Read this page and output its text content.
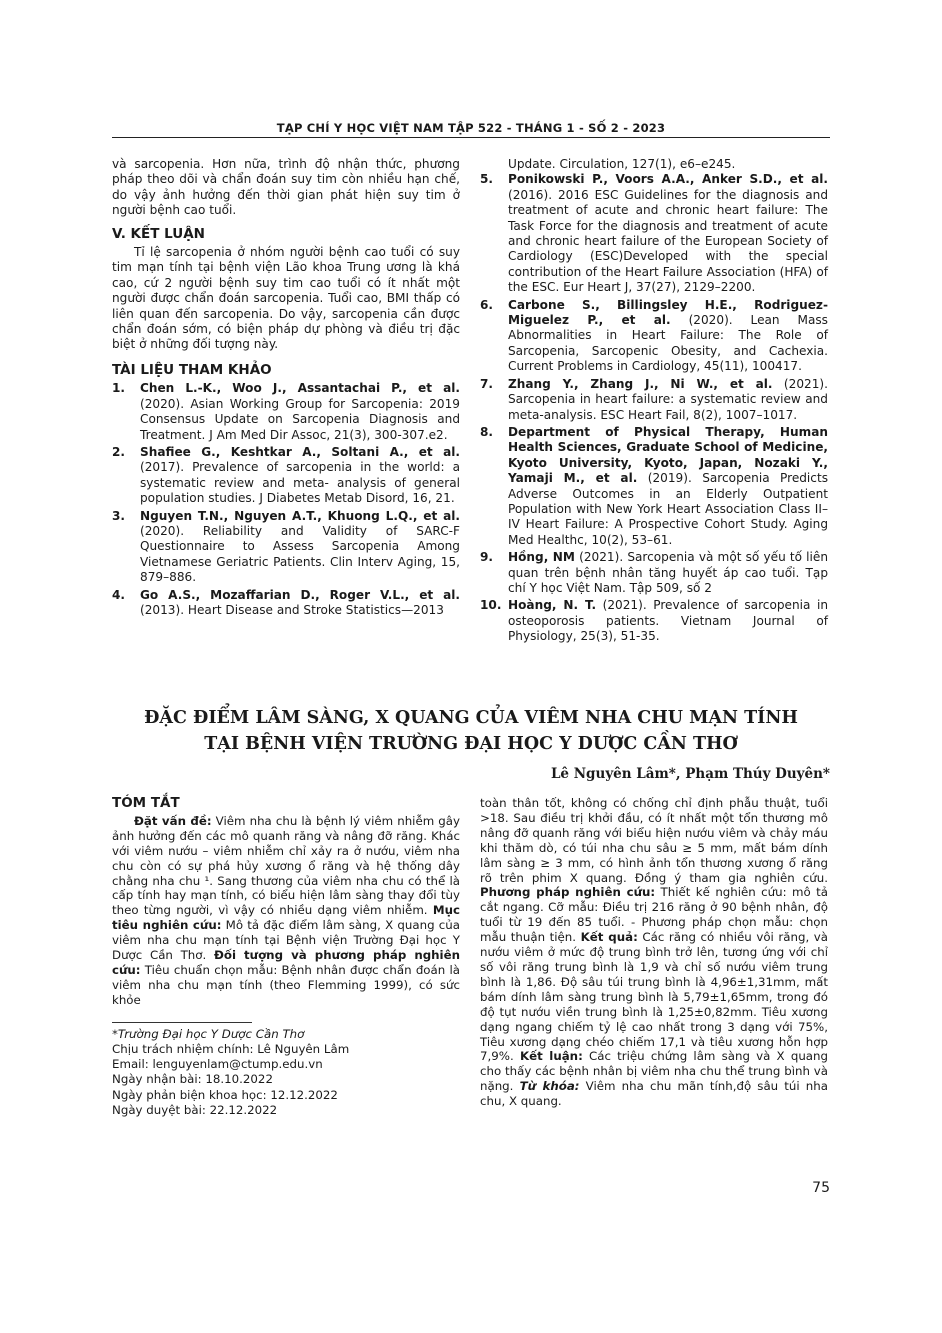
TẠP CHÍ Y HỌC VIỆT NAM TẬP 522 - THÁNG 1 - SỐ 2 - 2023

và sarcopenia. Hơn nữa, trình độ nhận thức, phương pháp theo dõi và chẩn đoán suy tim còn nhiều hạn chế, do vậy ảnh hưởng đến thời gian phát hiện suy tim ở người bệnh cao tuổi.

V. KẾT LUẬN

Tỉ lệ sarcopenia ở nhóm người bệnh cao tuổi có suy tim mạn tính tại bệnh viện Lão khoa Trung ương là khá cao, cứ 2 người bệnh suy tim cao tuổi có ít nhất một người được chẩn đoán sarcopenia. Tuổi cao, BMI thấp có liên quan đến sarcopenia. Do vậy, sarcopenia cần được chẩn đoán sớm, có biện pháp dự phòng và điều trị đặc biệt ở những đối tượng này.

TÀI LIỆU THAM KHẢO
1.	Chen L.-K., Woo J., Assantachai P., et al. (2020). Asian Working Group for Sarcopenia: 2019 Consensus Update on Sarcopenia Diagnosis and Treatment. J Am Med Dir Assoc, 21(3), 300-307.e2.
2.	Shafiee G., Keshtkar A., Soltani A., et al. (2017). Prevalence of sarcopenia in the world: a systematic review and meta- analysis of general population studies. J Diabetes Metab Disord, 16, 21.
3.	Nguyen T.N., Nguyen A.T., Khuong L.Q., et al. (2020). Reliability and Validity of SARC-F Questionnaire to Assess Sarcopenia Among Vietnamese Geriatric Patients. Clin Interv Aging, 15, 879–886.
4.	Go A.S., Mozaffarian D., Roger V.L., et al. (2013). Heart Disease and Stroke Statistics—2013
Update. Circulation, 127(1), e6–e245.
5.	Ponikowski P., Voors A.A., Anker S.D., et al. (2016). 2016 ESC Guidelines for the diagnosis and treatment of acute and chronic heart failure: The Task Force for the diagnosis and treatment of acute and chronic heart failure of the European Society of Cardiology (ESC)Developed with the special contribution of the Heart Failure Association (HFA) of the ESC. Eur Heart J, 37(27), 2129–2200.
6.	Carbone S., Billingsley H.E., Rodriguez-Miguelez P., et al. (2020). Lean Mass Abnormalities in Heart Failure: The Role of Sarcopenia, Sarcopenic Obesity, and Cachexia. Current Problems in Cardiology, 45(11), 100417.
7.	Zhang Y., Zhang J., Ni W., et al. (2021). Sarcopenia in heart failure: a systematic review and meta-analysis. ESC Heart Fail, 8(2), 1007–1017.
8.	Department of Physical Therapy, Human Health Sciences, Graduate School of Medicine, Kyoto University, Kyoto, Japan, Nozaki Y., Yamaji M., et al. (2019). Sarcopenia Predicts Adverse Outcomes in an Elderly Outpatient Population with New York Heart Association Class II–IV Heart Failure: A Prospective Cohort Study. Aging Med Healthc, 10(2), 53–61.
9.	Hồng, NM (2021). Sarcopenia và một số yếu tố liên quan trên bệnh nhân tăng huyết áp cao tuổi. Tạp chí Y học Việt Nam. Tập 509, số 2
10. Hoàng, N. T. (2021). Prevalence of sarcopenia in osteoporosis patients. Vietnam Journal of Physiology, 25(3), 51-35.
ĐẶC ĐIỂM LÂM SÀNG, X QUANG CỦA VIÊM NHA CHU MẠN TÍNH
TẠI BỆNH VIỆN TRƯỜNG ĐẠI HỌC Y DƯỢC CẦN THƠ
Lê Nguyên Lâm*, Phạm Thúy Duyên*
TÓM TẮT

Đặt vấn đề: Viêm nha chu là bệnh lý viêm nhiễm gây ảnh hưởng đến các mô quanh răng và nâng đỡ răng. Khác với viêm nướu – viêm nhiễm chỉ xảy ra ở nướu, viêm nha chu còn có sự phá hủy xương ổ răng và hệ thống dây chằng nha chu ¹. Sang thương của viêm nha chu có thể là cấp tính hay mạn tính, có biểu hiện lâm sàng thay đổi tùy theo từng người, vì vậy có nhiều dạng viêm nhiễm. Mục tiêu nghiên cứu: Mô tả đặc điểm lâm sàng, X quang của viêm nha chu mạn tính tại Bệnh viện Trường Đại học Y Dược Cần Thơ. Đối tượng và phương pháp nghiên cứu: Tiêu chuẩn chọn mẫu: Bệnh nhân được chẩn đoán là viêm nha chu mạn tính (theo Flemming 1999), có sức khỏe

*Trường Đại học Y Dược Cần Thơ
Chịu trách nhiệm chính: Lê Nguyên Lâm
Email: lenguyenlam@ctump.edu.vn
Ngày nhận bài: 18.10.2022
Ngày phản biện khoa học: 12.12.2022
Ngày duyệt bài: 22.12.2022

toàn thân tốt, không có chống chỉ định phẫu thuật, tuổi >18. Sau điều trị khởi đầu, có ít nhất một tổn thương mô nâng đỡ quanh răng với biểu hiện nướu viêm và chảy máu khi thăm dò, có túi nha chu sâu ≥ 5 mm, mất bám dính lâm sàng ≥ 3 mm, có hình ảnh tổn thương xương ổ răng rõ trên phim X quang. Đồng ý tham gia nghiên cứu. Phương pháp nghiên cứu: Thiết kế nghiên cứu: mô tả cắt ngang. Cỡ mẫu: Điều trị 216 răng ở 90 bệnh nhân, độ tuổi từ 19 đến 85 tuổi. - Phương pháp chọn mẫu: chọn mẫu thuận tiện. Kết quả: Các răng có nhiều vôi răng, và nướu viêm ở mức độ trung bình trở lên, tương ứng với chỉ số vôi răng trung bình là 1,9 và chỉ số nướu viêm trung bình là 1,86. Độ sâu túi trung bình là 4,96±1,31mm, mất bám dính lâm sàng trung bình là 5,79±1,65mm, trong đó độ tụt nướu viền trung bình là 1,25±0,82mm. Tiêu xương dạng ngang chiếm tỷ lệ cao nhất trong 3 dạng với 75%, Tiêu xương dạng chéo chiếm 17,1 và tiêu xương hỗn hợp 7,9%. Kết luận: Các triệu chứng lâm sàng và X quang cho thấy các bệnh nhân bị viêm nha chu thể trung bình và nặng. Từ khóa: Viêm nha chu mãn tính,độ sâu túi nha chu, X quang.

75
